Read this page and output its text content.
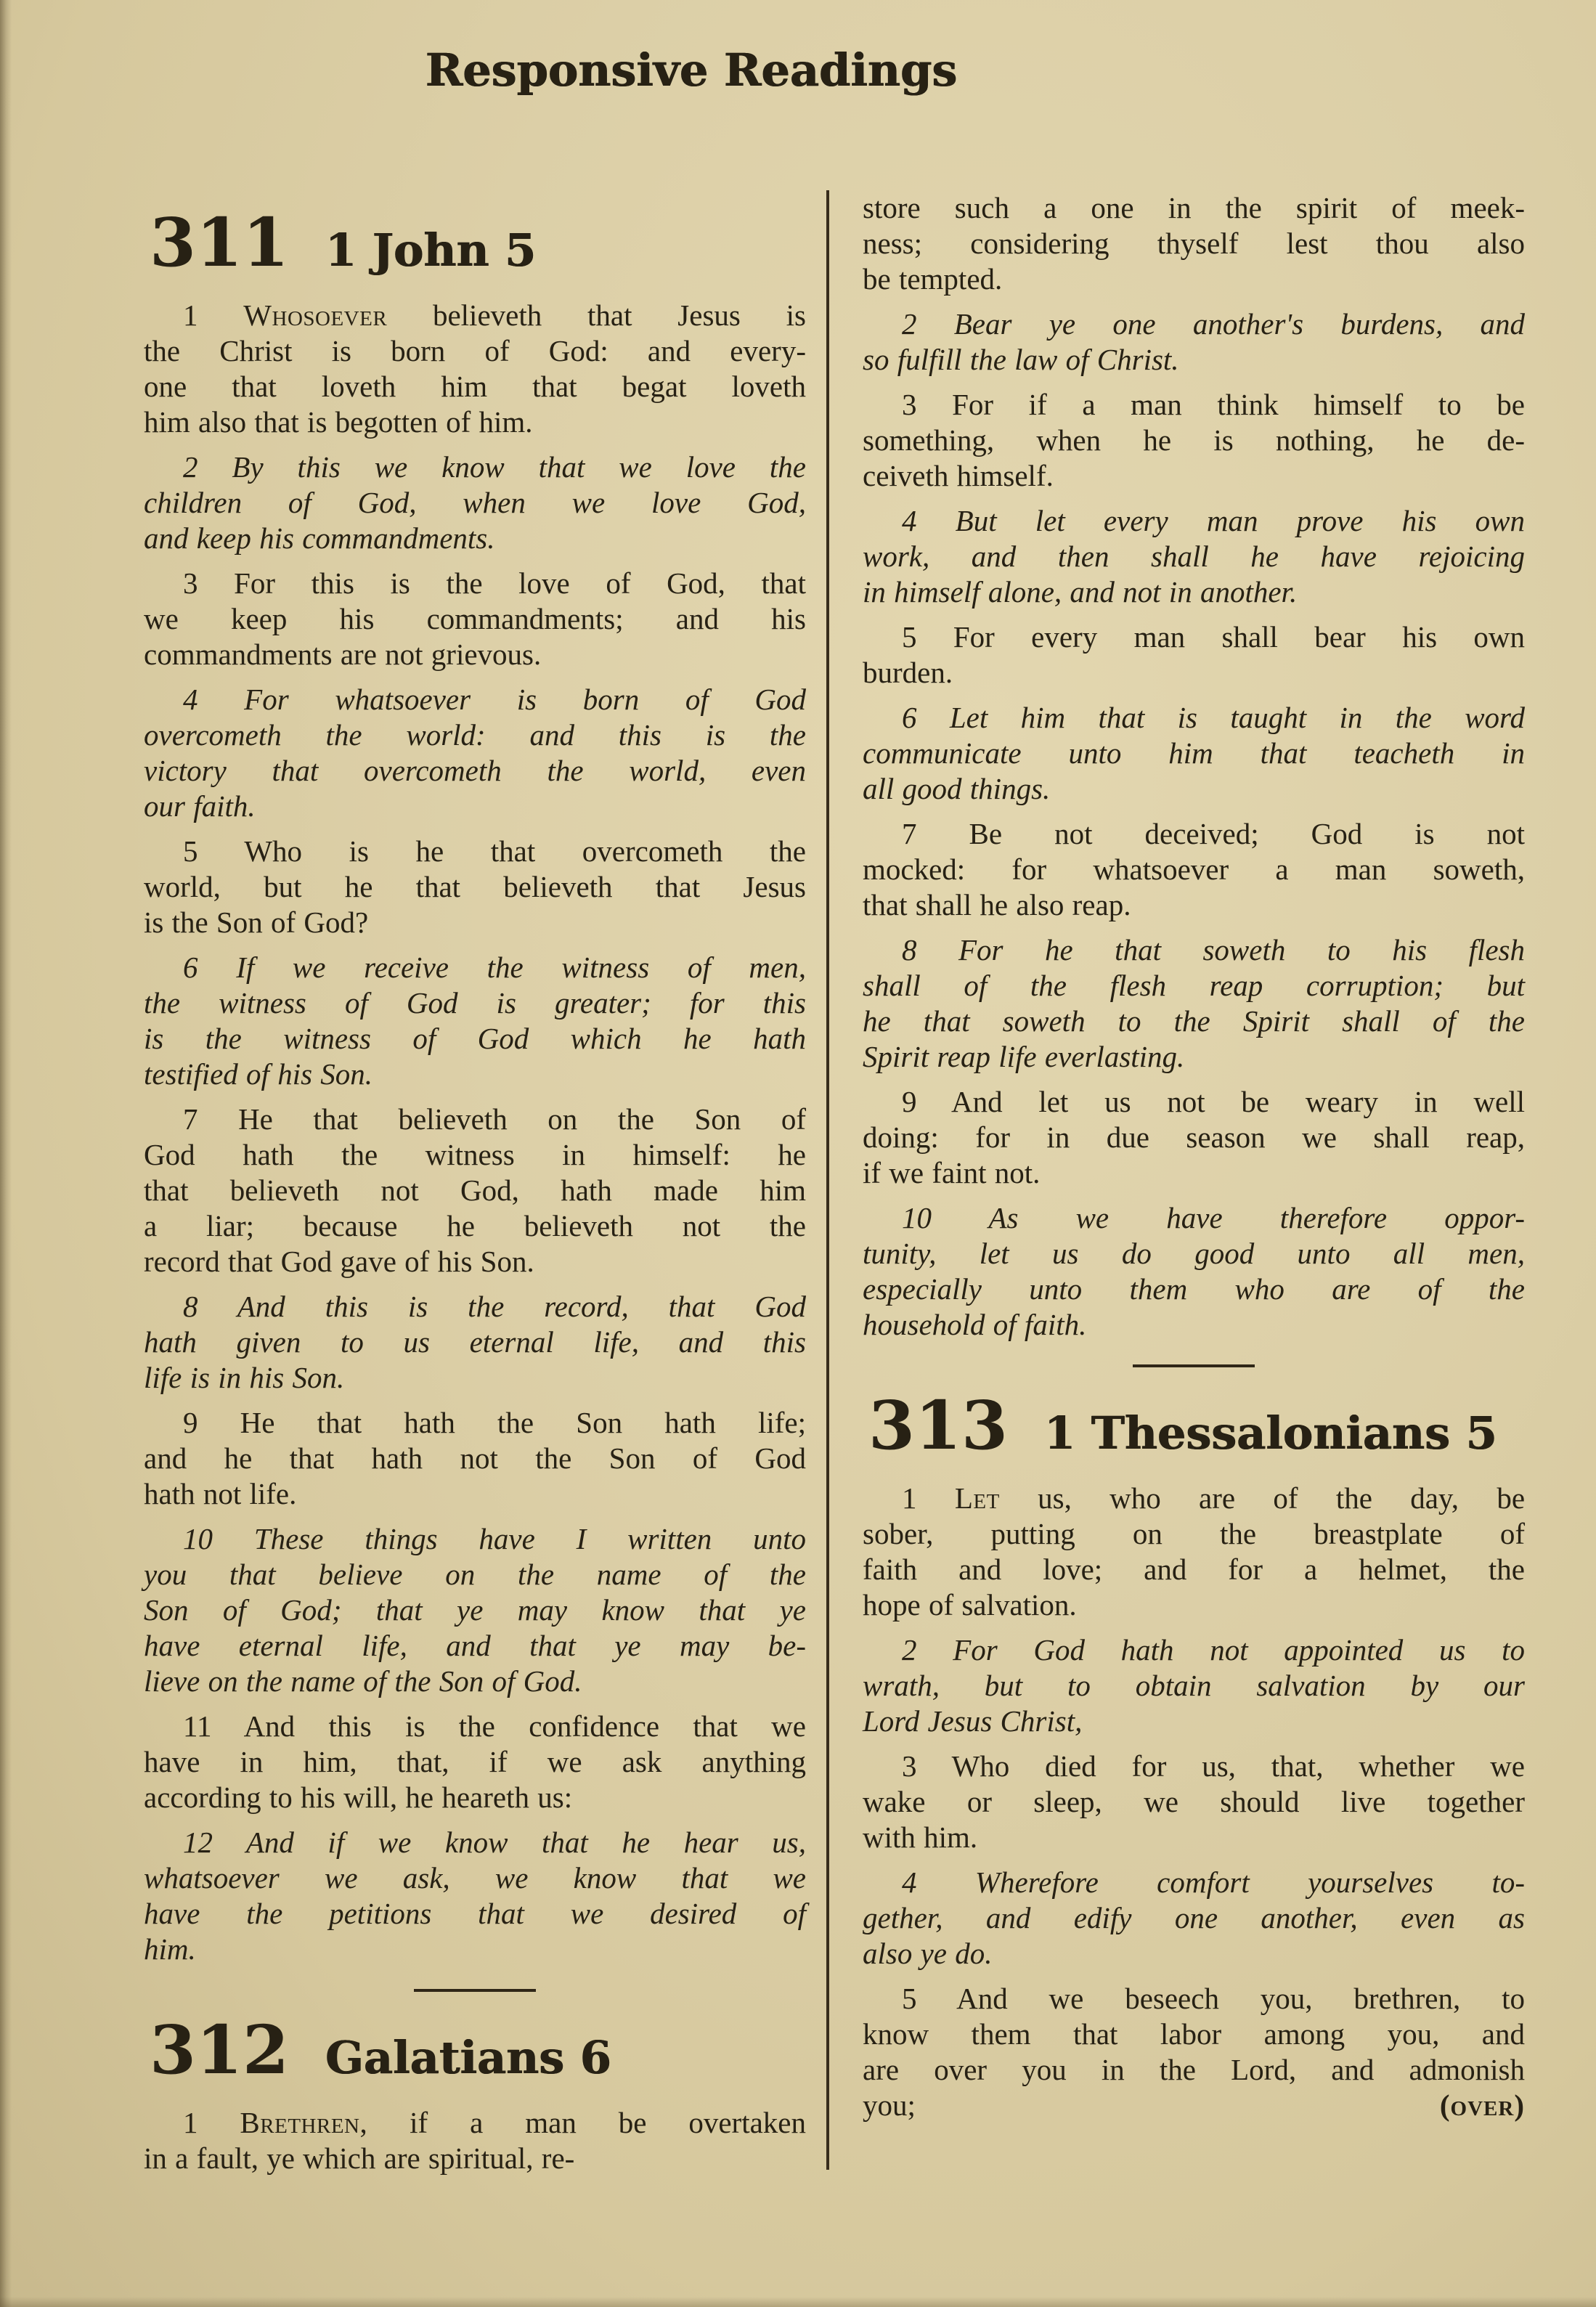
Responsive Readings
311 1 John 5

1 Whosoever believeth that Jesus is
the Christ is born of God: and every-
one that loveth him that begat loveth
him also that is begotten of him.

2 By this we know that we love the
children of God, when we love God,
and keep his commandments.

3 For this is the love of God, that
we keep his commandments; and his
commandments are not grievous.

4 For whatsoever is born of God
overcometh the world: and this is the
victory that overcometh the world, even
our faith.

5 Who is he that overcometh the
world, but he that believeth that Jesus
is the Son of God?

6 If we receive the witness of men,
the witness of God is greater; for this
is the witness of God which he hath
testified of his Son.

7 He that believeth on the Son of
God hath the witness in himself: he
that believeth not God, hath made him
a liar; because he believeth not the
record that God gave of his Son.

8 And this is the record, that God
hath given to us eternal life, and this
life is in his Son.

9 He that hath the Son hath life;
and he that hath not the Son of God
hath not life.

10 These things have I written unto
you that believe on the name of the
Son of God; that ye may know that ye
have eternal life, and that ye may be-
lieve on the name of the Son of God.

11 And this is the confidence that we
have in him, that, if we ask anything
according to his will, he heareth us:

12 And if we know that he hear us,
whatsoever we ask, we know that we
have the petitions that we desired of
him.

312 Galatians 6

1 Brethren, if a man be overtaken
in a fault, ye which are spiritual, re-

store such a one in the spirit of meek-
ness; considering thyself lest thou also
be tempted.

2 Bear ye one another's burdens, and
so fulfill the law of Christ.

3 For if a man think himself to be
something, when he is nothing, he de-
ceiveth himself.

4 But let every man prove his own
work, and then shall he have rejoicing
in himself alone, and not in another.

5 For every man shall bear his own
burden.

6 Let him that is taught in the word
communicate unto him that teacheth in
all good things.

7 Be not deceived; God is not
mocked: for whatsoever a man soweth,
that shall he also reap.

8 For he that soweth to his flesh
shall of the flesh reap corruption; but
he that soweth to the Spirit shall of the
Spirit reap life everlasting.

9 And let us not be weary in well
doing: for in due season we shall reap,
if we faint not.

10 As we have therefore oppor-
tunity, let us do good unto all men,
especially unto them who are of the
household of faith.

313 1 Thessalonians 5

1 Let us, who are of the day, be
sober, putting on the breastplate of
faith and love; and for a helmet, the
hope of salvation.

2 For God hath not appointed us to
wrath, but to obtain salvation by our
Lord Jesus Christ,

3 Who died for us, that, whether we
wake or sleep, we should live together
with him.

4 Wherefore comfort yourselves to-
gether, and edify one another, even as
also ye do.

5 And we beseech you, brethren, to
know them that labor among you, and
are over you in the Lord, and admonish
(over)
you;
